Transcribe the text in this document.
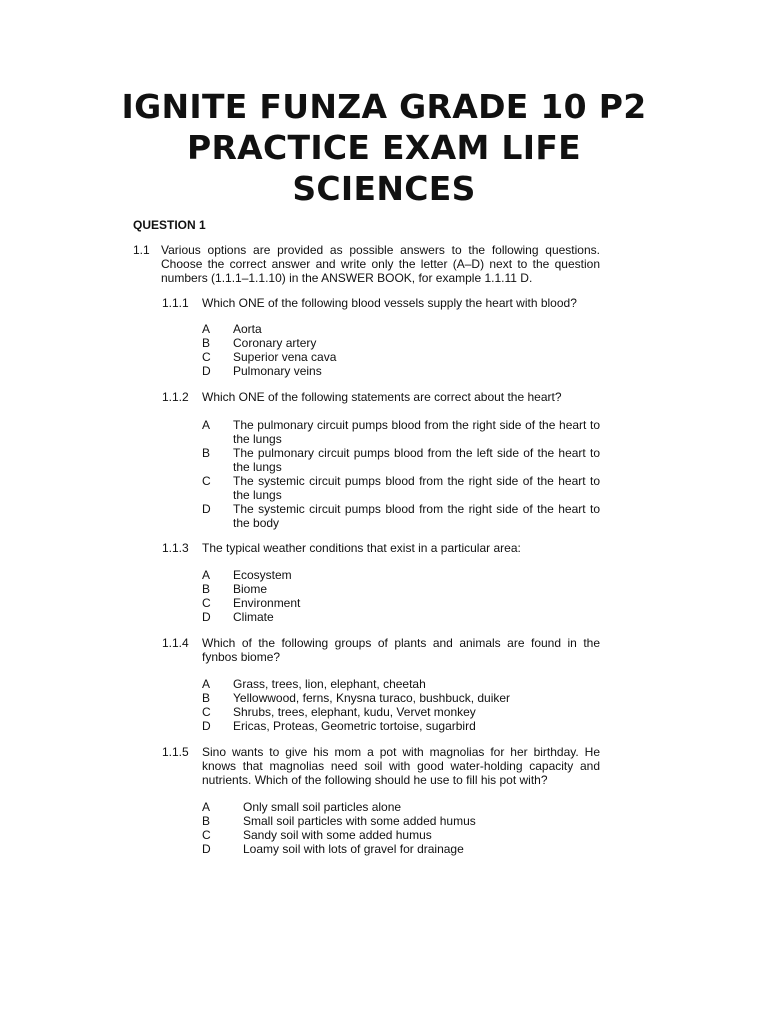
IGNITE FUNZA GRADE 10 P2
PRACTICE EXAM LIFE
SCIENCES
QUESTION 1
1.1 Various options are provided as possible answers to the following questions. Choose the correct answer and write only the letter (A–D) next to the question numbers (1.1.1–1.1.10) in the ANSWER BOOK, for example 1.1.11 D.
1.1.1 Which ONE of the following blood vessels supply the heart with blood?
A Aorta
B Coronary artery
C Superior vena cava
D Pulmonary veins
1.1.2 Which ONE of the following statements are correct about the heart?
A The pulmonary circuit pumps blood from the right side of the heart to the lungs
B The pulmonary circuit pumps blood from the left side of the heart to the lungs
C The systemic circuit pumps blood from the right side of the heart to the lungs
D The systemic circuit pumps blood from the right side of the heart to the body
1.1.3 The typical weather conditions that exist in a particular area:
A Ecosystem
B Biome
C Environment
D Climate
1.1.4 Which of the following groups of plants and animals are found in the fynbos biome?
A Grass, trees, lion, elephant, cheetah
B Yellowwood, ferns, Knysna turaco, bushbuck, duiker
C Shrubs, trees, elephant, kudu, Vervet monkey
D Ericas, Proteas, Geometric tortoise, sugarbird
1.1.5 Sino wants to give his mom a pot with magnolias for her birthday. He knows that magnolias need soil with good water-holding capacity and nutrients. Which of the following should he use to fill his pot with?
A	Only small soil particles alone
B	Small soil particles with some added humus
C	Sandy soil with some added humus
D	Loamy soil with lots of gravel for drainage
